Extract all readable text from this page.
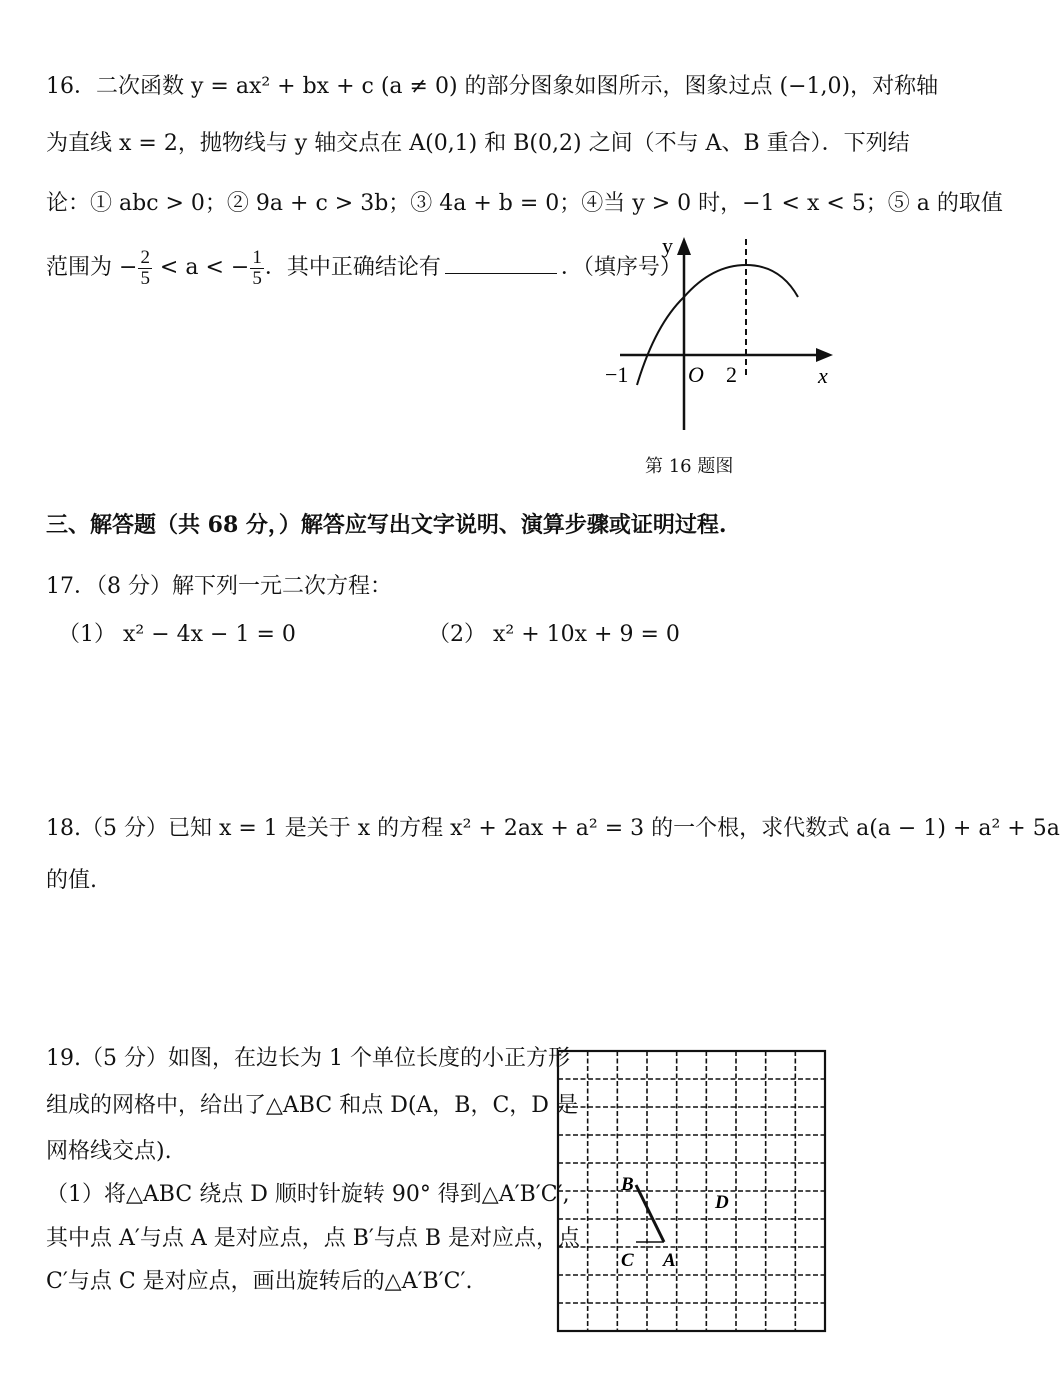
16．二次函数 y = ax² + bx + c (a ≠ 0) 的部分图象如图所示，图象过点 (−1,0)，对称轴
为直线 x = 2，抛物线与 y 轴交点在 A(0,1) 和 B(0,2) 之间（不与 A、B 重合）．下列结
论：① abc > 0；② 9a + c > 3b；③ 4a + b = 0；④当 y > 0 时，−1 < x < 5；⑤ a 的取值
范围为 − $\frac{2}{5} < a$ < − $\frac{1}{5}$ ．其中正确结论有	．（填序号）
y
x
O
−1	2
第 16 题图
三、解答题（共 68 分，）解答应写出文字说明、演算步骤或证明过程.
17．（8 分）解下列一元二次方程：
（1） x² − 4x − 1 = 0	（2） x² + 10x + 9 = 0
18.（5 分）已知 x = 1 是关于 x 的方程 x² + 2ax + a² = 3 的一个根，求代数式 a(a − 1) + a² + 5a
的值.
19.（5 分）如图，在边长为 1 个单位长度的小正方形
组成的网格中，给出了△ABC 和点 D(A，B，C，D 是
网格线交点).
（1）将△ABC 绕点 D 顺时针旋转 90° 得到△A′B′C′,
其中点 A′与点 A 是对应点，点 B′与点 B 是对应点，点
C′与点 C 是对应点，画出旋转后的△A′B′C′.
B
C A
D
